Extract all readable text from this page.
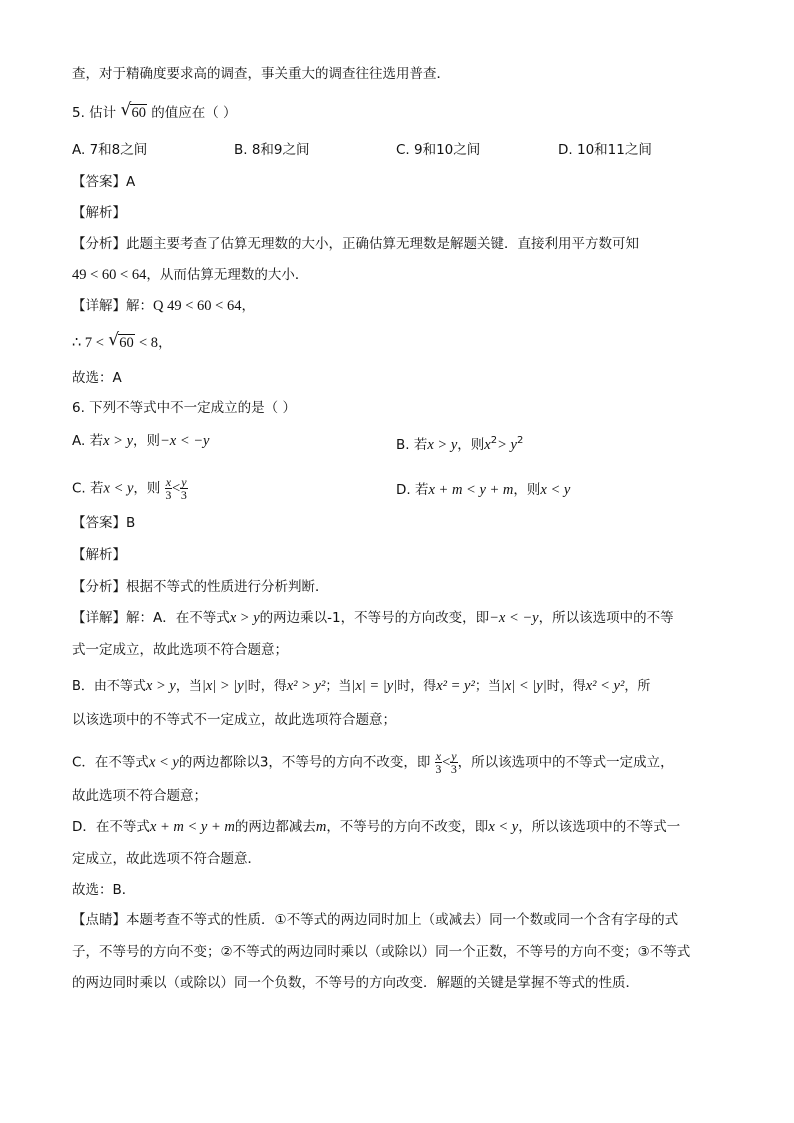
查，对于精确度要求高的调查，事关重大的调查往往选用普查．
5. 估计 √ 60 的值应在（ ）
A. 7和8之间	B. 8和9之间	C. 9和10之间	D. 10和11之间
【答案】A
【解析】
【分析】此题主要考查了估算无理数的大小，正确估算无理数是解题关键．直接利用平方数可知
49 < 60 < 64，从而估算无理数的大小．
【详解】解：Q 49 < 60 < 64，
∴ 7 < √ 60 < 8，
故选：A
6. 下列不等式中不一定成立的是（ ）
A. 若x > y，则−x < −y	B. 若x > y，则$x^2> y^2$
C. 若x < y，则 $\frac{x}{3} < \frac{y}{3}$	D. 若x + m < y + m，则x < y
【答案】B
【解析】
【分析】根据不等式的性质进行分析判断．
【详解】解：A．在不等式x > y的两边乘以-1，不等号的方向改变，即−x < −y，所以该选项中的不等
式一定成立，故此选项不符合题意；
B．由不等式x > y，当|x| > |y|时，得x² > y²；当|x| = |y|时，得x² = y²；当|x| < |y|时，得x² < y²，所
以该选项中的不等式不一定成立，故此选项符合题意；
C．在不等式x < y的两边都除以3，不等号的方向不改变，即 $\frac{x}{3} < \frac{y}{3}$ ，所以该选项中的不等式一定成立，
故此选项不符合题意；
D．在不等式x + m < y + m的两边都减去m，不等号的方向不改变，即x < y，所以该选项中的不等式一
定成立，故此选项不符合题意．
故选：B．
【点睛】本题考查不等式的性质．①不等式的两边同时加上（或减去）同一个数或同一个含有字母的式
子，不等号的方向不变；②不等式的两边同时乘以（或除以）同一个正数，不等号的方向不变；③不等式
的两边同时乘以（或除以）同一个负数，不等号的方向改变．解题的关键是掌握不等式的性质．
